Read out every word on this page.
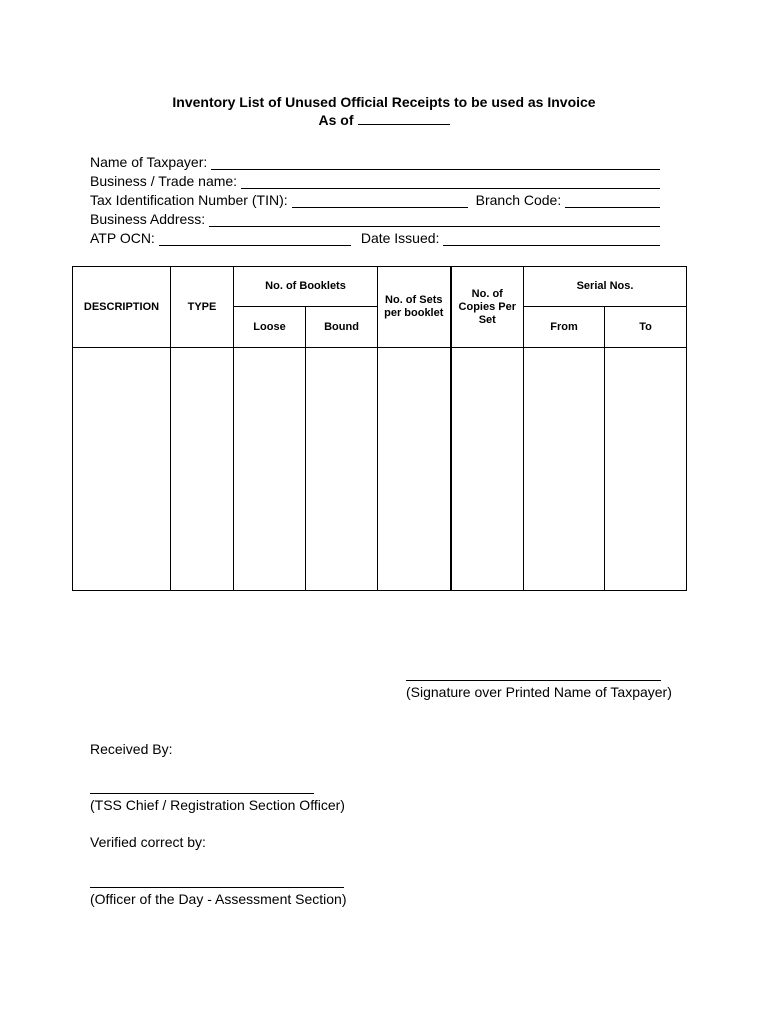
Inventory List of Unused Official Receipts to be used as Invoice
As of
Name of Taxpayer:
Business / Trade name:
Tax Identification Number (TIN):	Branch Code:
Business Address:
ATP OCN:	Date Issued:
DESCRIPTION	TYPE	No. of Booklets		No. of Sets per booklet	No. of Copies Per Set	Serial Nos.	
		Loose	Bound			From	To

(Signature over Printed Name of Taxpayer)
Received By:
(TSS Chief / Registration Section Officer)
Verified correct by:
(Officer of the Day - Assessment Section)
